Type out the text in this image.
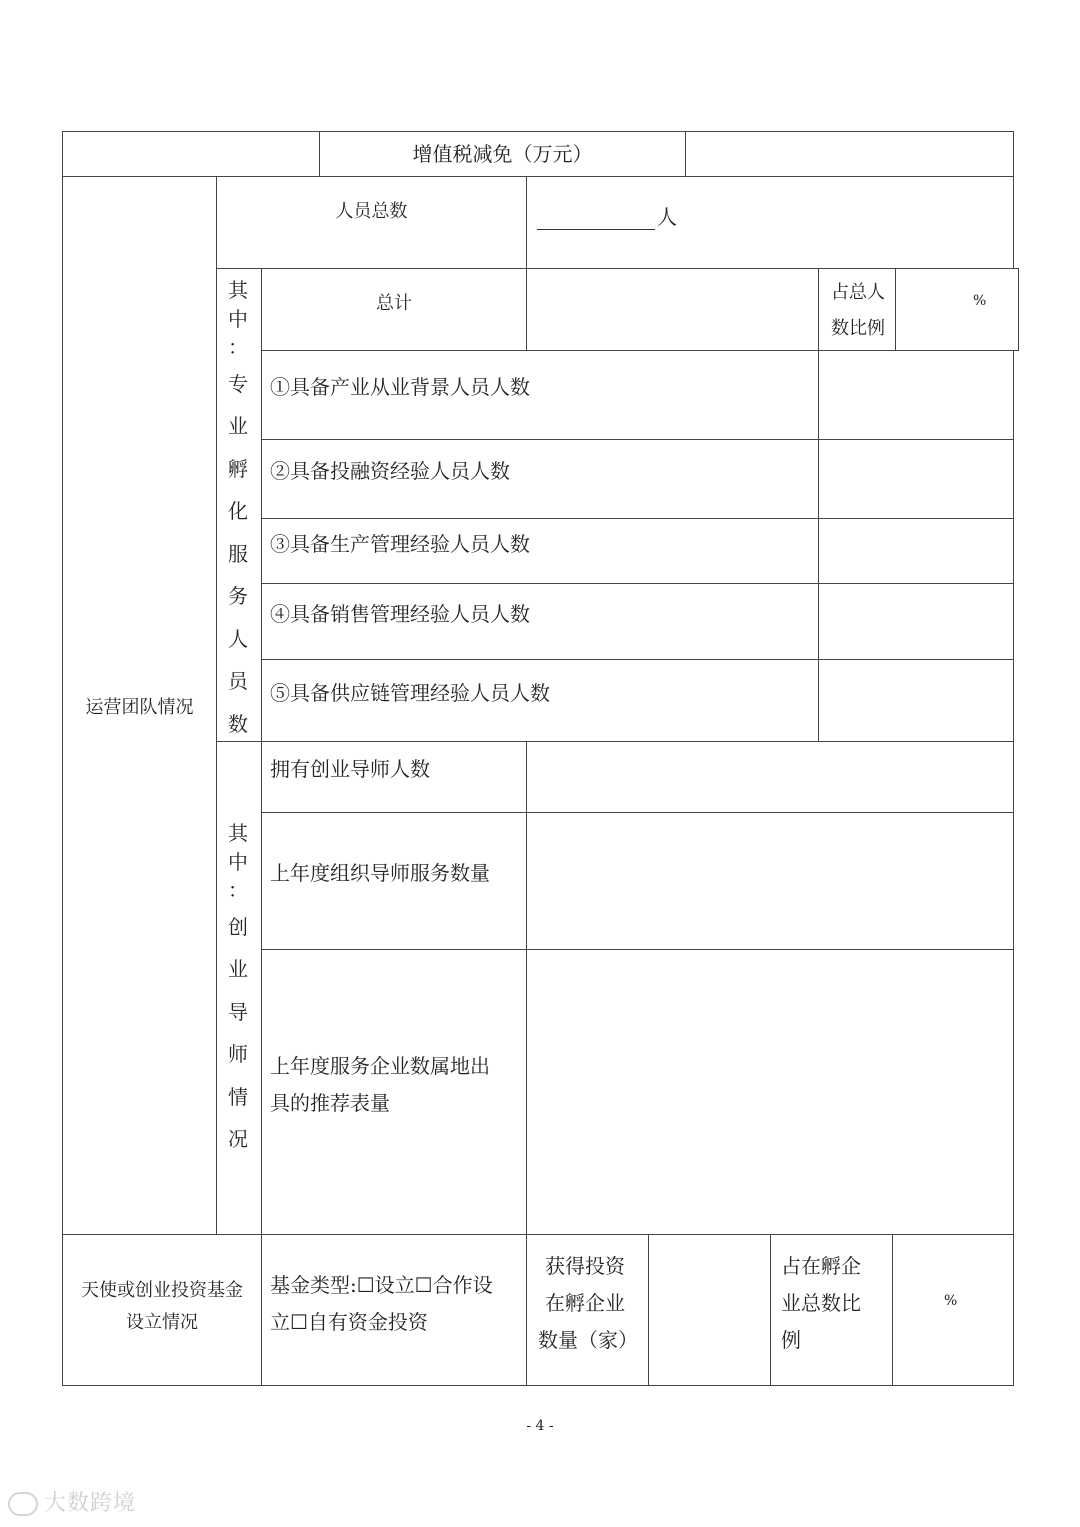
增值税减免（万元）
运营团队情况
人员总数	人
其
中
：
专
业
孵
化
服
务
人
员
数
总计
占总人
数比例
%
①具备产业从业背景人员人数
②具备投融资经验人员人数
③具备生产管理经验人员人数
④具备销售管理经验人员人数
⑤具备供应链管理经验人员人数
其
中
：
创
业
导
师
情
况
拥有创业导师人数
上年度组织导师服务数量
上年度服务企业数属地出
具的推荐表量
天使或创业投资基金
设立情况
基金类型:☐设立☐合作设
立☐自有资金投资
获得投资
在孵企业
数量（家）
占在孵企
业总数比
例
%
- 4 -
大数跨境
